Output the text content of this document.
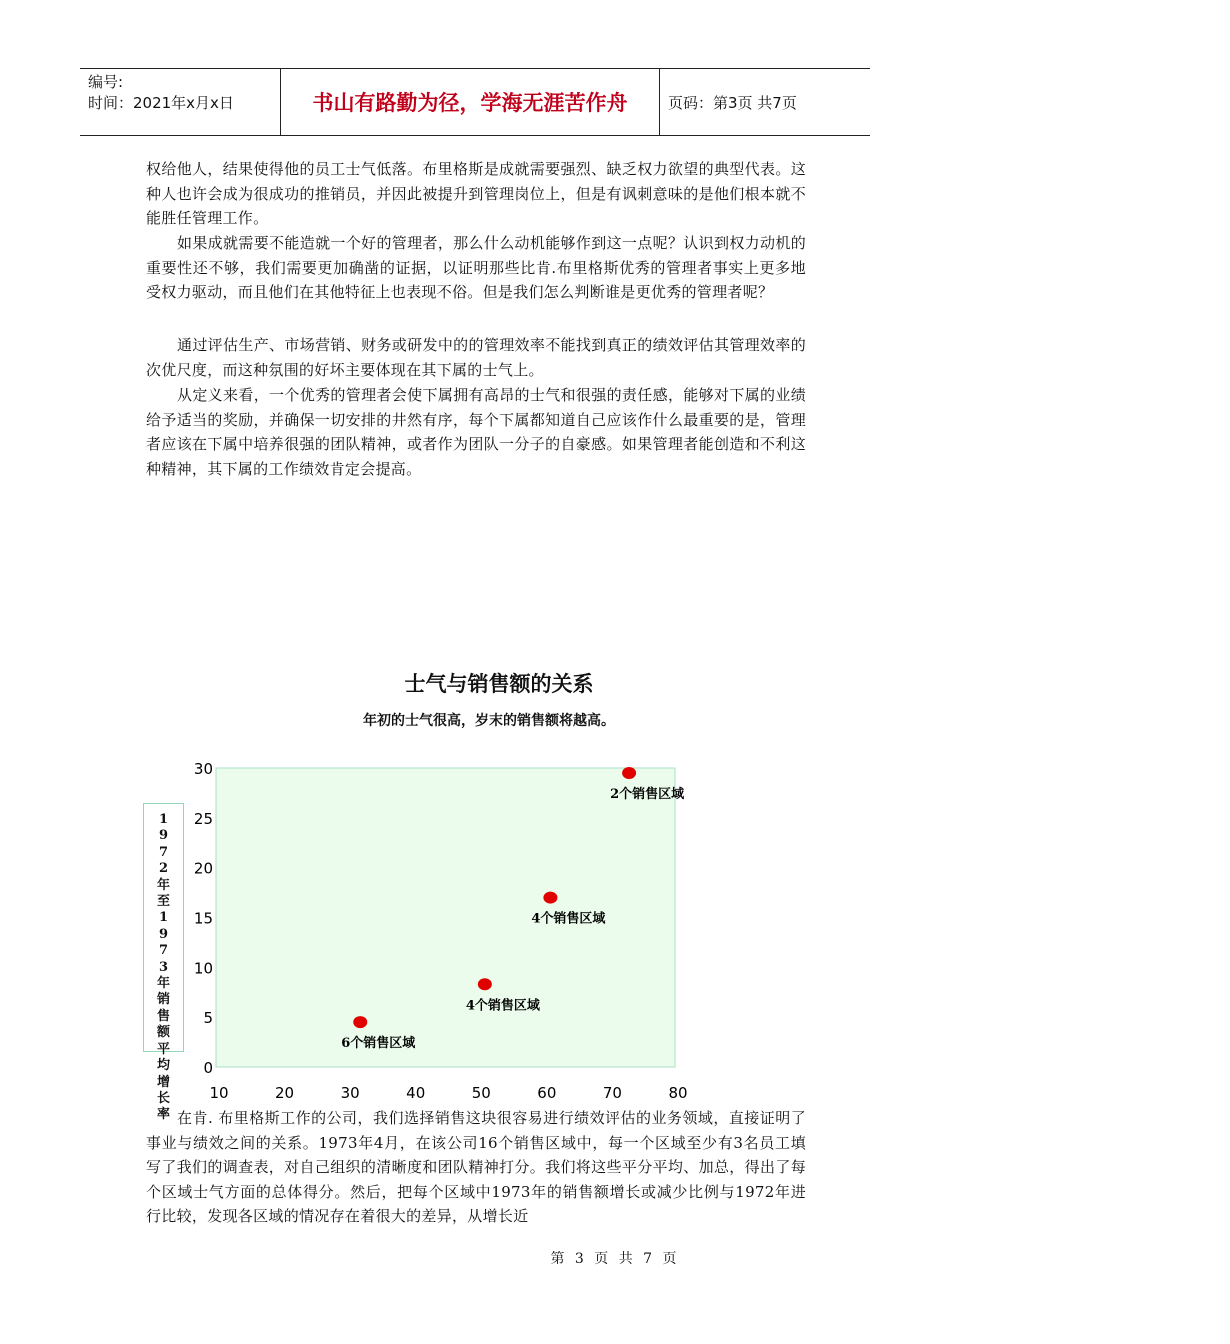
编号:
时间：2021年x月x日	书山有路勤为径，学海无涯苦作舟	页码：第3页 共7页

权给他人，结果使得他的员工士气低落。布里格斯是成就需要强烈、缺乏权力欲望的典型代表。这种人也许会成为很成功的推销员，并因此被提升到管理岗位上，但是有讽刺意味的是他们根本就不能胜任管理工作。

如果成就需要不能造就一个好的管理者，那么什么动机能够作到这一点呢？认识到权力动机的重要性还不够，我们需要更加确凿的证据，以证明那些比肯.布里格斯优秀的管理者事实上更多地受权力驱动，而且他们在其他特征上也表现不俗。但是我们怎么判断谁是更优秀的管理者呢？

通过评估生产、市场营销、财务或研发中的的管理效率不能找到真正的绩效评估其管理效率的次优尺度，而这种氛围的好坏主要体现在其下属的士气上。

从定义来看，一个优秀的管理者会使下属拥有高昂的士气和很强的责任感，能够对下属的业绩给予适当的奖励，并确保一切安排的井然有序，每个下属都知道自己应该作什么最重要的是，管理者应该在下属中培养很强的团队精神，或者作为团队一分子的自豪感。如果管理者能创造和不利这种精神，其下属的工作绩效肯定会提高。

士气与销售额的关系
年初的士气很高，岁末的销售额将越高。
0
5
10
15
20
25
30
10	20	30	40	50	60	70	80
6个销售区域
4个销售区域
4个销售区域
2个销售区域
1972年至1973年销售额平均增长率 在肯. 布里格斯工作的公司，我们选择销售这块很容易进行绩效评估的业务领域，直接证明了事业与绩效之间的关系。1973年4月，在该公司16个销售区域中，每一个区域至少有3名员工填写了我们的调查表，对自己组织的清晰度和团队精神打分。我们将这些平分平均、加总，得出了每个区域士气方面的总体得分。然后，把每个区域中1973年的销售额增长或减少比例与1972年进行比较，发现各区域的情况存在着很大的差异，从增长近

第 3 页 共 7 页
